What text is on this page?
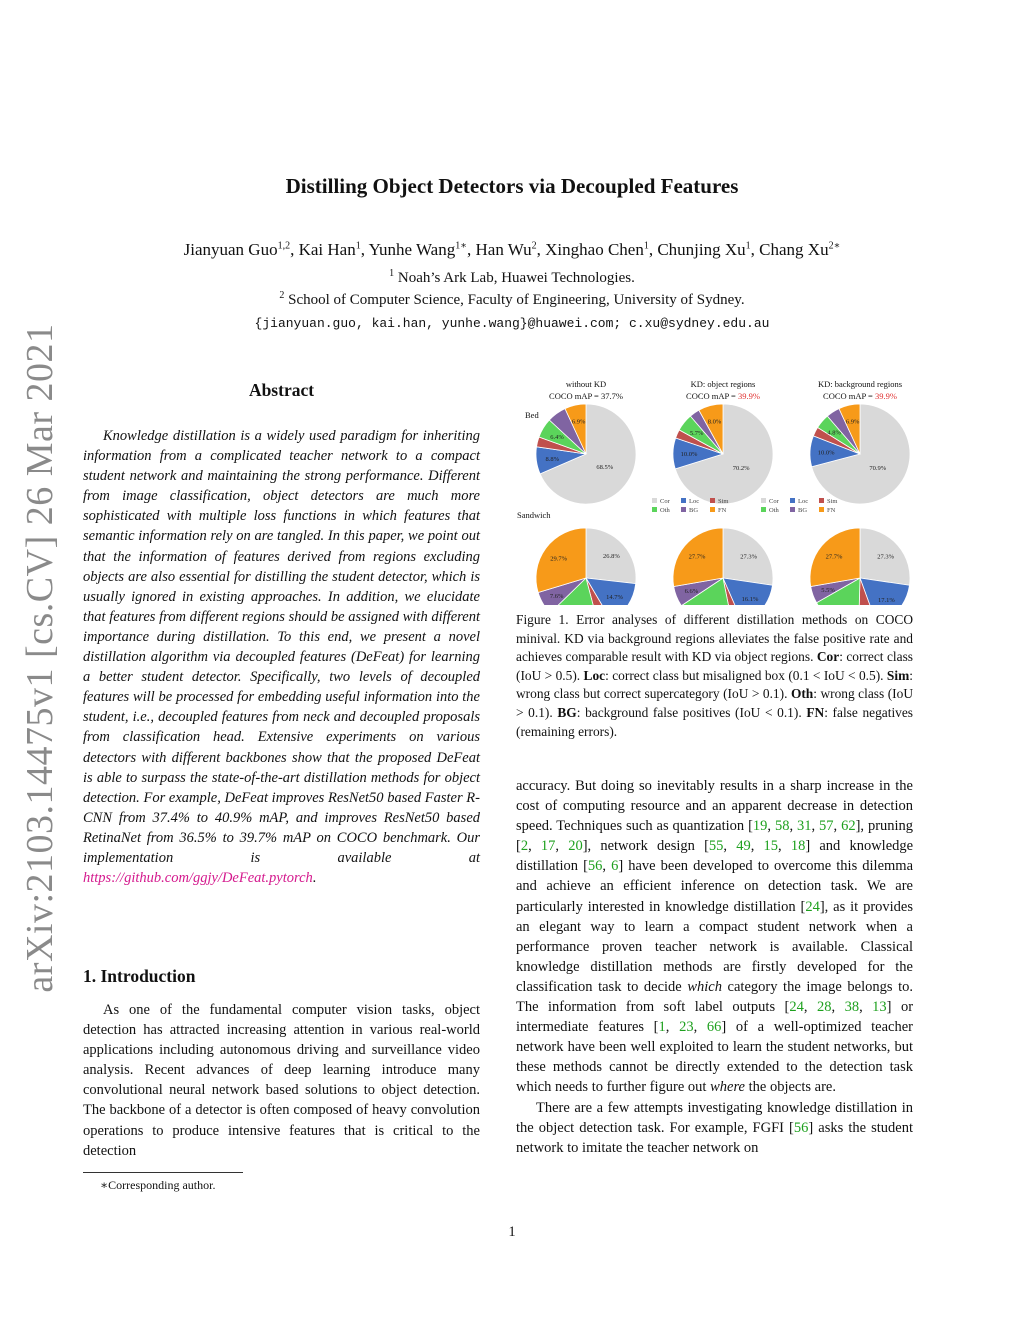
arXiv:2103.14475v1 [cs.CV] 26 Mar 2021
Distilling Object Detectors via Decoupled Features
Jianyuan Guo$^{1,2}$, Kai Han$^1$, Yunhe Wang$^{1∗}$, Han Wu$^2$, Xinghao Chen$^1$, Chunjing Xu$^1$, Chang $Xu^{2∗}$
$^1$ Noah’s Ark Lab, Huawei Technologies.
$^2$ School of Computer Science, Faculty of Engineering, University of Sydney.
{jianyuan.guo, kai.han, yunhe.wang}@huawei.com; c.xu@sydney.edu.au
Abstract

Knowledge distillation is a widely used paradigm for inheriting information from a complicated teacher network to a compact student network and maintaining the strong performance. Different from image classification, object detectors are much more sophisticated with multiple loss functions in which features that semantic information rely on are tangled. In this paper, we point out that the information of features derived from regions excluding objects are also essential for distilling the student detector, which is usually ignored in existing approaches. In addition, we elucidate that features from different regions should be assigned with different importance during distillation. To this end, we present a novel distillation algorithm via decoupled features (DeFeat) for learning a better student detector. Specifically, two levels of decoupled features will be processed for embedding useful information into the student, i.e., decoupled features from neck and decoupled proposals from classification head. Extensive experiments on various detectors with different backbones show that the proposed DeFeat is able to surpass the state-of-the-art distillation methods for object detection. For example, DeFeat improves ResNet50 based Faster R-CNN from 37.4% to 40.9% mAP, and improves ResNet50 based RetinaNet from 36.5% to 39.7% mAP on COCO benchmark. Our implementation is available at https://github.com/ggjy/DeFeat.pytorch.

1. Introduction

As one of the fundamental computer vision tasks, object detection has attracted increasing attention in various real-world applications including autonomous driving and surveillance video analysis. Recent advances of deep learning introduce many convolutional neural network based solutions to object detection. The backbone of a detector is often composed of heavy convolution operations to produce intensive features that is critical to the detection

∗Corresponding author.
without KD
COCO mAP = 37.7%
KD: object regions
COCO mAP = 39.9%
KD: background regions
COCO mAP = 39.9%
Bed
Sandwich
68.5%
8.8%
6.4%
6.9%
70.2%
10.0%
5.7%
8.0%
70.9%
10.0%
4.8%
6.9%
26.8%
14.7%
7.6%
29.7%	27.3%
16.1%
6.6%
27.7%	27.3%
17.1%
5.5%
27.7%
Cor	Loc	Sim
Oth	BG	FN
Cor	Loc	Sim
Oth	BG	FN

Figure 1. Error analyses of different distillation methods on COCO minival. KD via background regions alleviates the false positive rate and achieves comparable result with KD via object regions. Cor: correct class (IoU > 0.5). Loc: correct class but misaligned box (0.1 < IoU < 0.5). Sim: wrong class but correct supercategory (IoU > 0.1). Oth: wrong class (IoU > 0.1). BG: background false positives (IoU < 0.1). FN: false negatives (remaining errors).

accuracy. But doing so inevitably results in a sharp increase in the cost of computing resource and an apparent decrease in detection speed. Techniques such as quantization [19, 58, 31, 57, 62], pruning [2, 17, 20], network design [55, 49, 15, 18] and knowledge distillation [56, 6] have been developed to overcome this dilemma and achieve an efficient inference on detection task. We are particularly interested in knowledge distillation [24], as it provides an elegant way to learn a compact student network when a performance proven teacher network is available. Classical knowledge distillation methods are firstly developed for the classification task to decide which category the image belongs to. The information from soft label outputs [24, 28, 38, 13] or intermediate features [1, 23, 66] of a well-optimized teacher network have been well exploited to learn the student networks, but these methods cannot be directly extended to the detection task which needs to further figure out where the objects are.

There are a few attempts investigating knowledge distillation in the object detection task. For example, FGFI [56] asks the student network to imitate the teacher network on

1
